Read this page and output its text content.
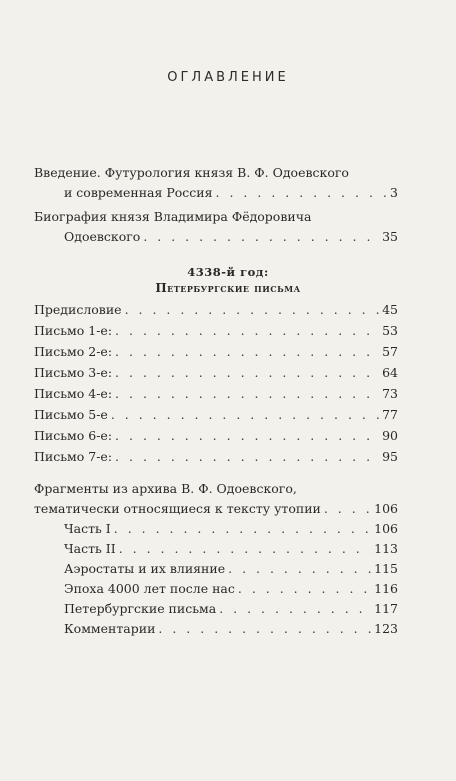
ОГЛАВЛЕНИЕ
Введение. Футурология князя В. Ф. Одоевского
и современная Россия . . .	3
Биография князя Владимира Фёдоровича
Одоевского . . .	35
4338-й год:
Петербургские письма
Предисловие . . .	45
Письмо 1-е: . . .	53
Письмо 2-е: . . .	57
Письмо 3-е: . . .	64
Письмо 4-е: . . .	73
Письмо 5-е . . .	77
Письмо 6-е: . . .	90
Письмо 7-е: . . .	95
Фрагменты из архива В. Ф. Одоевского,
тематически относящиеся к тексту утопии . . .	106
Часть I . . .	106
Часть II . . .	113
Аэростаты и их влияние . . .	115
Эпоха 4000 лет после нас . . .	116
Петербургские письма . . .	117
Комментарии . . .	123
